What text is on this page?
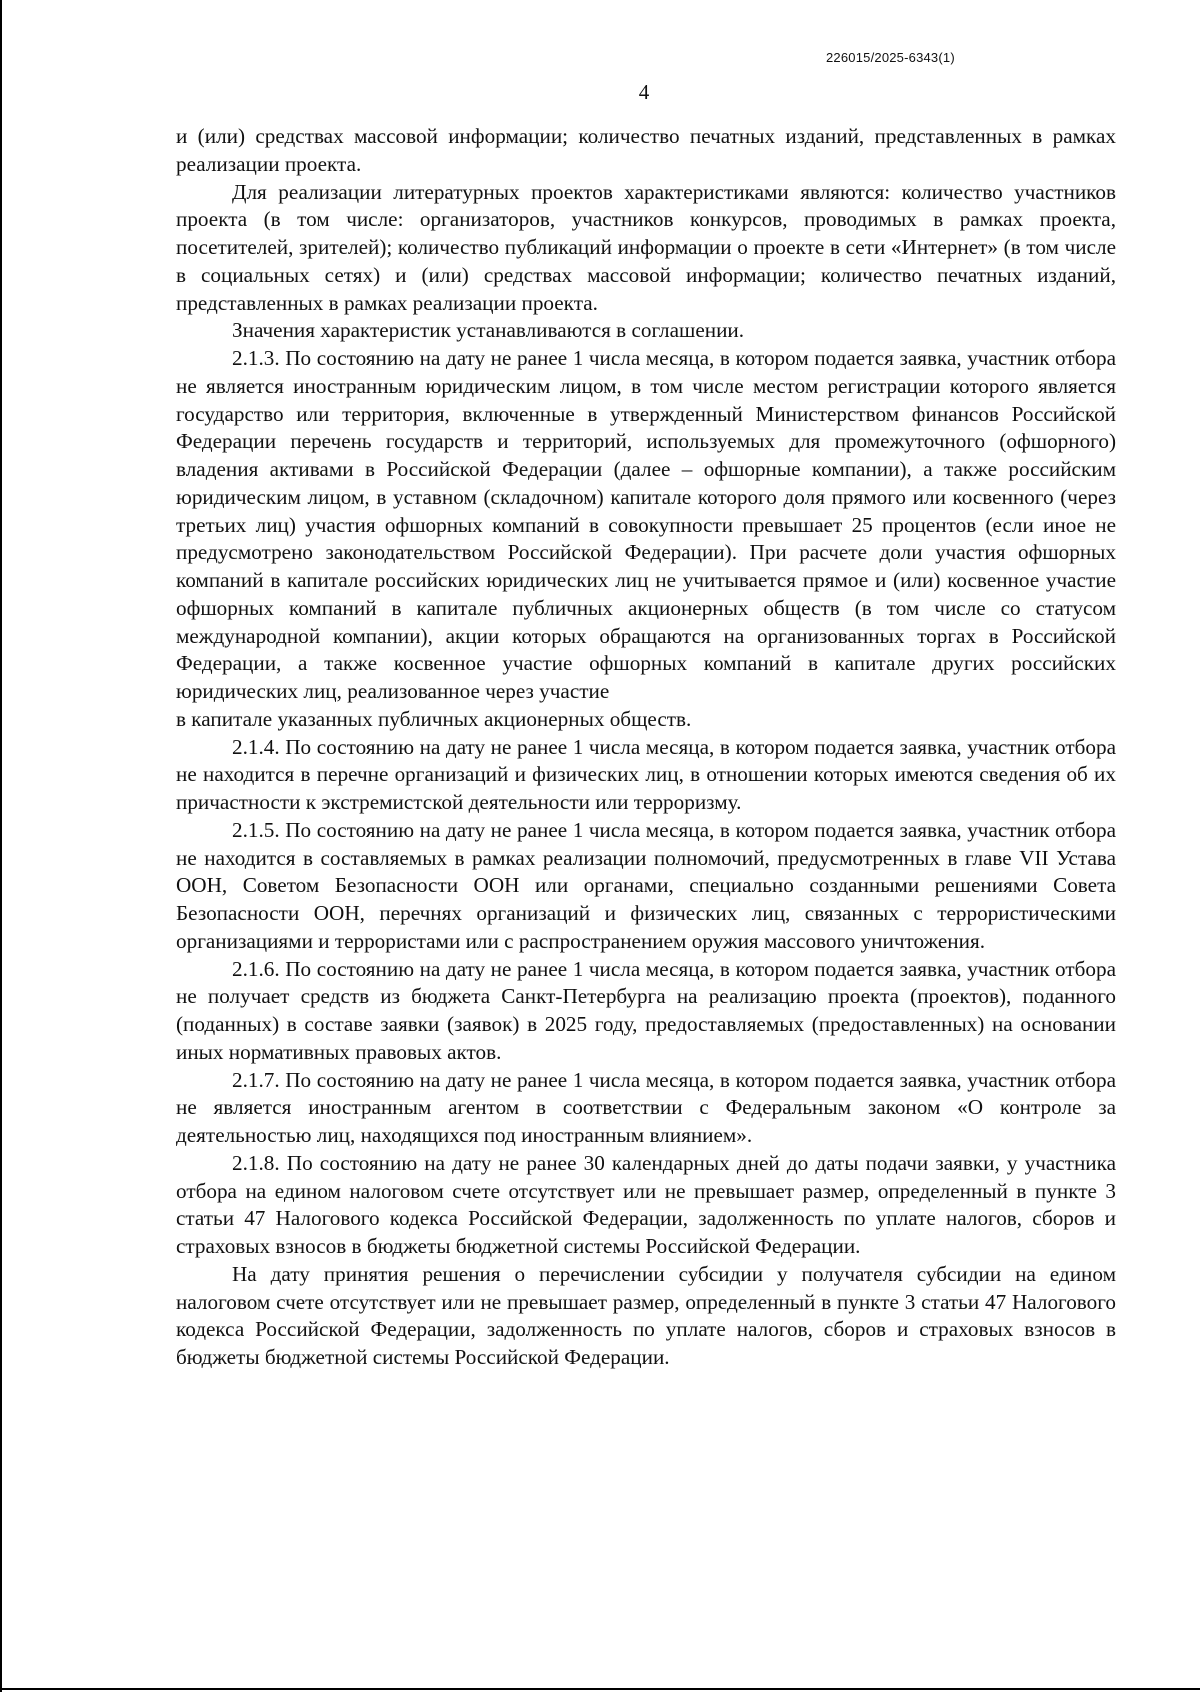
226015/2025-6343(1)
4

и (или) средствах массовой информации; количество печатных изданий, представленных в рамках реализации проекта.

Для реализации литературных проектов характеристиками являются: количество участников проекта (в том числе: организаторов, участников конкурсов, проводимых в рамках проекта, посетителей, зрителей); количество публикаций информации о проекте в сети «Интернет» (в том числе в социальных сетях) и (или) средствах массовой информации; количество печатных изданий, представленных в рамках реализации проекта.

Значения характеристик устанавливаются в соглашении.

2.1.3. По состоянию на дату не ранее 1 числа месяца, в котором подается заявка, участник отбора не является иностранным юридическим лицом, в том числе местом регистрации которого является государство или территория, включенные в утвержденный Министерством финансов Российской Федерации перечень государств и территорий, используемых для промежуточного (офшорного) владения активами в Российской Федерации (далее – офшорные компании), а также российским юридическим лицом, в уставном (складочном) капитале которого доля прямого или косвенного (через третьих лиц) участия офшорных компаний в совокупности превышает 25 процентов (если иное не предусмотрено законодательством Российской Федерации). При расчете доли участия офшорных компаний в капитале российских юридических лиц не учитывается прямое и (или) косвенное участие офшорных компаний в капитале публичных акционерных обществ (в том числе со статусом международной компании), акции которых обращаются на организованных торгах в Российской Федерации, а также косвенное участие офшорных компаний в капитале других российских юридических лиц, реализованное через участие

в капитале указанных публичных акционерных обществ.

2.1.4. По состоянию на дату не ранее 1 числа месяца, в котором подается заявка, участник отбора не находится в перечне организаций и физических лиц, в отношении которых имеются сведения об их причастности к экстремистской деятельности или терроризму.

2.1.5. По состоянию на дату не ранее 1 числа месяца, в котором подается заявка, участник отбора не находится в составляемых в рамках реализации полномочий, предусмотренных в главе VII Устава ООН, Советом Безопасности ООН или органами, специально созданными решениями Совета Безопасности ООН, перечнях организаций и физических лиц, связанных с террористическими организациями и террористами или с распространением оружия массового уничтожения.

2.1.6. По состоянию на дату не ранее 1 числа месяца, в котором подается заявка, участник отбора не получает средств из бюджета Санкт-Петербурга на реализацию проекта (проектов), поданного (поданных) в составе заявки (заявок) в 2025 году, предоставляемых (предоставленных) на основании иных нормативных правовых актов.

2.1.7. По состоянию на дату не ранее 1 числа месяца, в котором подается заявка, участник отбора не является иностранным агентом в соответствии с Федеральным законом «О контроле за деятельностью лиц, находящихся под иностранным влиянием».

2.1.8. По состоянию на дату не ранее 30 календарных дней до даты подачи заявки, у участника отбора на едином налоговом счете отсутствует или не превышает размер, определенный в пункте 3 статьи 47 Налогового кодекса Российской Федерации, задолженность по уплате налогов, сборов и страховых взносов в бюджеты бюджетной системы Российской Федерации.

На дату принятия решения о перечислении субсидии у получателя субсидии на едином налоговом счете отсутствует или не превышает размер, определенный в пункте 3 статьи 47 Налогового кодекса Российской Федерации, задолженность по уплате налогов, сборов и страховых взносов в бюджеты бюджетной системы Российской Федерации.
